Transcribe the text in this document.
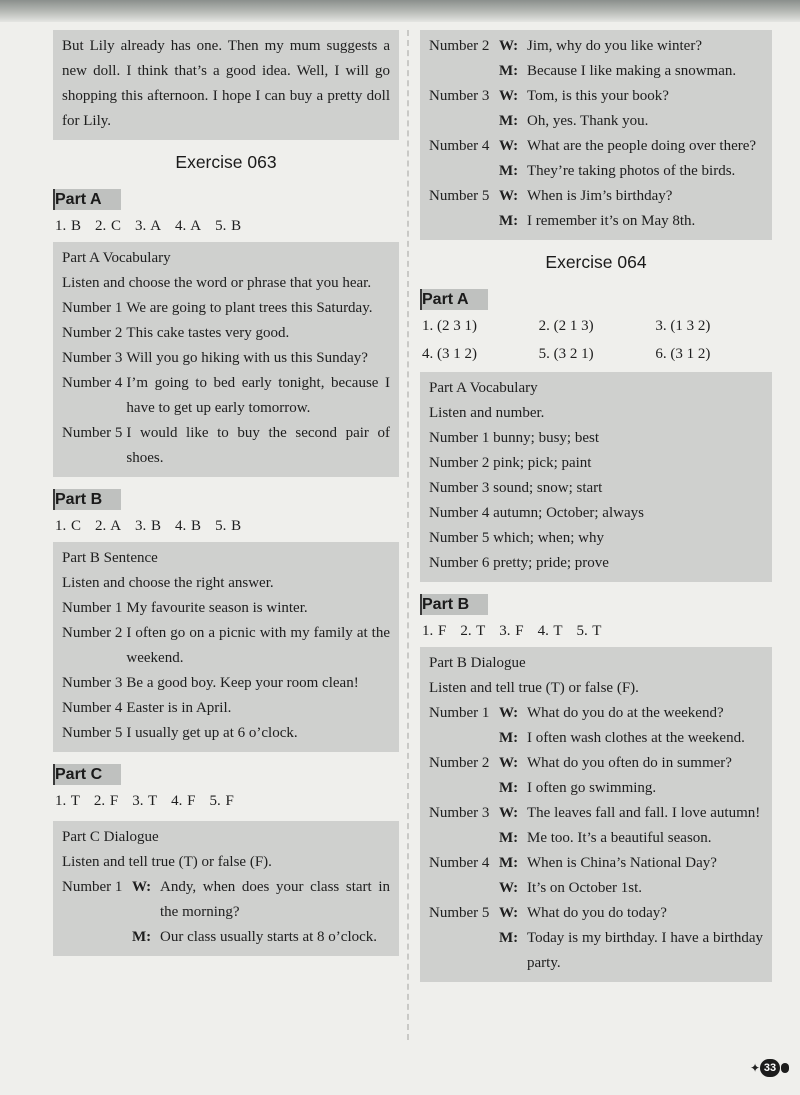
But Lily already has one. Then my mum suggests a new doll. I think that’s a good idea. Well, I will go shopping this afternoon. I hope I can buy a pretty doll for Lily.
Exercise 063
Part A
1. B 2. C 3. A 4. A 5. B
Part A Vocabulary
Listen and choose the word or phrase that you hear.
Number 1 We are going to plant trees this Saturday.
Number 2 This cake tastes very good.
Number 3 Will you go hiking with us this Sunday?
Number 4 I’m going to bed early tonight, because I have to get up early tomorrow.
Number 5 I would like to buy the second pair of shoes.
Part B
1. C 2. A 3. B 4. B 5. B
Part B Sentence
Listen and choose the right answer.
Number 1 My favourite season is winter.
Number 2 I often go on a picnic with my family at the weekend.
Number 3 Be a good boy. Keep your room clean!
Number 4 Easter is in April.
Number 5 I usually get up at 6 o’clock.
Part C
1. T 2. F 3. T 4. F 5. F
Part C Dialogue
Listen and tell true (T) or false (F).
Number 1 W: Andy, when does your class start in the morning?
M: Our class usually starts at 8 o’clock.
Number 2 W: Jim, why do you like winter?
M: Because I like making a snowman.
Number 3 W: Tom, is this your book?
M: Oh, yes. Thank you.
Number 4 W: What are the people doing over there?
M: They’re taking photos of the birds.
Number 5 W: When is Jim’s birthday?
M: I remember it’s on May 8th.
Exercise 064
Part A
1. (2 3 1)	2. (2 1 3)	3. (1 3 2)
4. (3 1 2)	5. (3 2 1)	6. (3 1 2)
Part A Vocabulary
Listen and number.
Number 1 bunny; busy; best
Number 2 pink; pick; paint
Number 3 sound; snow; start
Number 4 autumn; October; always
Number 5 which; when; why
Number 6 pretty; pride; prove
Part B
1. F 2. T 3. F 4. T 5. T
Part B Dialogue
Listen and tell true (T) or false (F).
Number 1 W: What do you do at the weekend?
M: I often wash clothes at the weekend.
Number 2 W: What do you often do in summer?
M: I often go swimming.
Number 3 W: The leaves fall and fall. I love autumn!
M: Me too. It’s a beautiful season.
Number 4 M: When is China’s National Day?
W: It’s on October 1st.
Number 5 W: What do you do today?
M: Today is my birthday. I have a birthday party.
✦ 33
